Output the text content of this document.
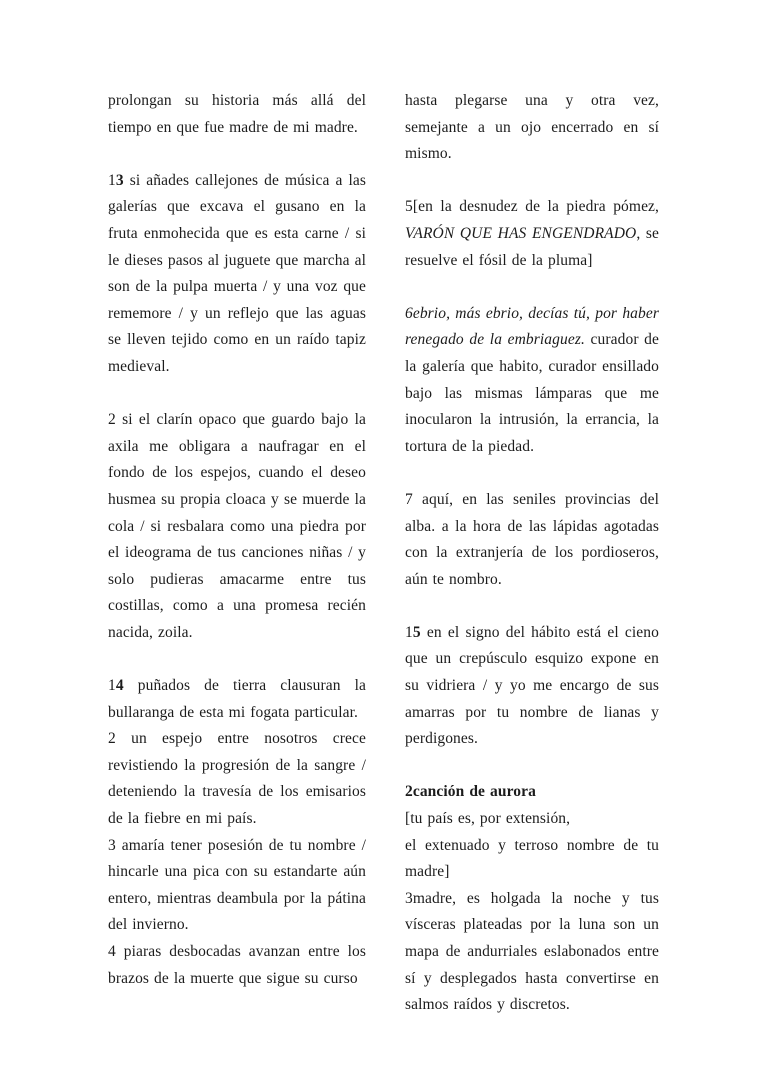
prolongan su historia más allá del tiempo en que fue madre de mi madre.

13 si añades callejones de música a las galerías que excava el gusano en la fruta enmohecida que es esta carne / si le dieses pasos al juguete que marcha al son de la pulpa muerta / y una voz que rememore / y un reflejo que las aguas se lleven tejido como en un raído tapiz medieval.

2 si el clarín opaco que guardo bajo la axila me obligara a naufragar en el fondo de los espejos, cuando el deseo husmea su propia cloaca y se muerde la cola / si resbalara como una piedra por el ideograma de tus canciones niñas / y solo pudieras amacarme entre tus costillas, como a una promesa recién nacida, zoila.

14 puñados de tierra clausuran la bullaranga de esta mi fogata particular.

2 un espejo entre nosotros crece revistiendo la progresión de la sangre / deteniendo la travesía de los emisarios de la fiebre en mi país.

3 amaría tener posesión de tu nombre / hincarle una pica con su estandarte aún entero, mientras deambula por la pátina del invierno.

4 piaras desbocadas avanzan entre los brazos de la muerte que sigue su curso

hasta plegarse una y otra vez, semejante a un ojo encerrado en sí mismo.

5[en la desnudez de la piedra pómez, VARÓN QUE HAS ENGENDRADO, se resuelve el fósil de la pluma]

6ebrio, más ebrio, decías tú, por haber renegado de la embriaguez. curador de la galería que habito, curador ensillado bajo las mismas lámparas que me inocularon la intrusión, la errancia, la tortura de la piedad.

7 aquí, en las seniles provincias del alba. a la hora de las lápidas agotadas con la extranjería de los pordioseros, aún te nombro.

15 en el signo del hábito está el cieno que un crepúsculo esquizo expone en su vidriera / y yo me encargo de sus amarras por tu nombre de lianas y perdigones.

2canción de aurora

[tu país es, por extensión,

el extenuado y terroso nombre de tu madre]

3madre, es holgada la noche y tus vísceras plateadas por la luna son un mapa de andurriales eslabonados entre sí y desplegados hasta convertirse en salmos raídos y discretos.
